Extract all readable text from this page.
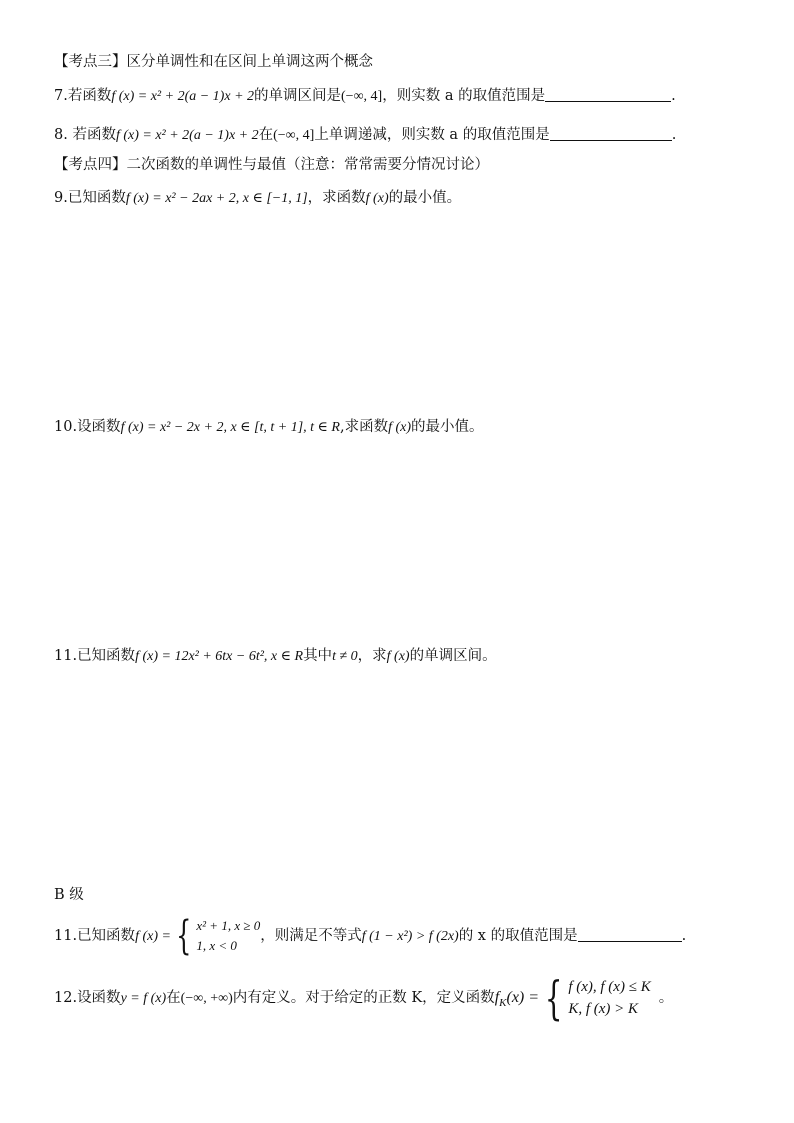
【考点三】区分单调性和在区间上单调这两个概念
7.若函数f (x) = x² + 2(a − 1)x + 2的单调区间是(−∞, 4]，则实数 a 的取值范围是	.
8. 若函数f (x) = x² + 2(a − 1)x + 2在(−∞, 4]上单调递减，则实数 a 的取值范围是	.
【考点四】二次函数的单调性与最值（注意：常常需要分情况讨论）
9.已知函数f (x) = x² − 2ax + 2, x ∈ [−1, 1]，求函数f (x)的最小值。
10.设函数f (x) = x² − 2x + 2, x ∈ [t, t + 1], t ∈ R,求函数f (x)的最小值。
11.已知函数f (x) = 12x² + 6tx − 6t², x ∈ R其中t ≠ 0，求f (x)的单调区间。
B 级
11.已知函数f (x) = { x² + 1, x ≥ 0
1, x < 0
，则满足不等式f (1 − x²) > f (2x)的 x 的取值范围是	.
12.设函数y = f (x)在(−∞, +∞)内有定义。对于给定的正数 K，定义函数$f_K(x)$ = { f (x), f (x) ≤ K
K, f (x) > K
。
